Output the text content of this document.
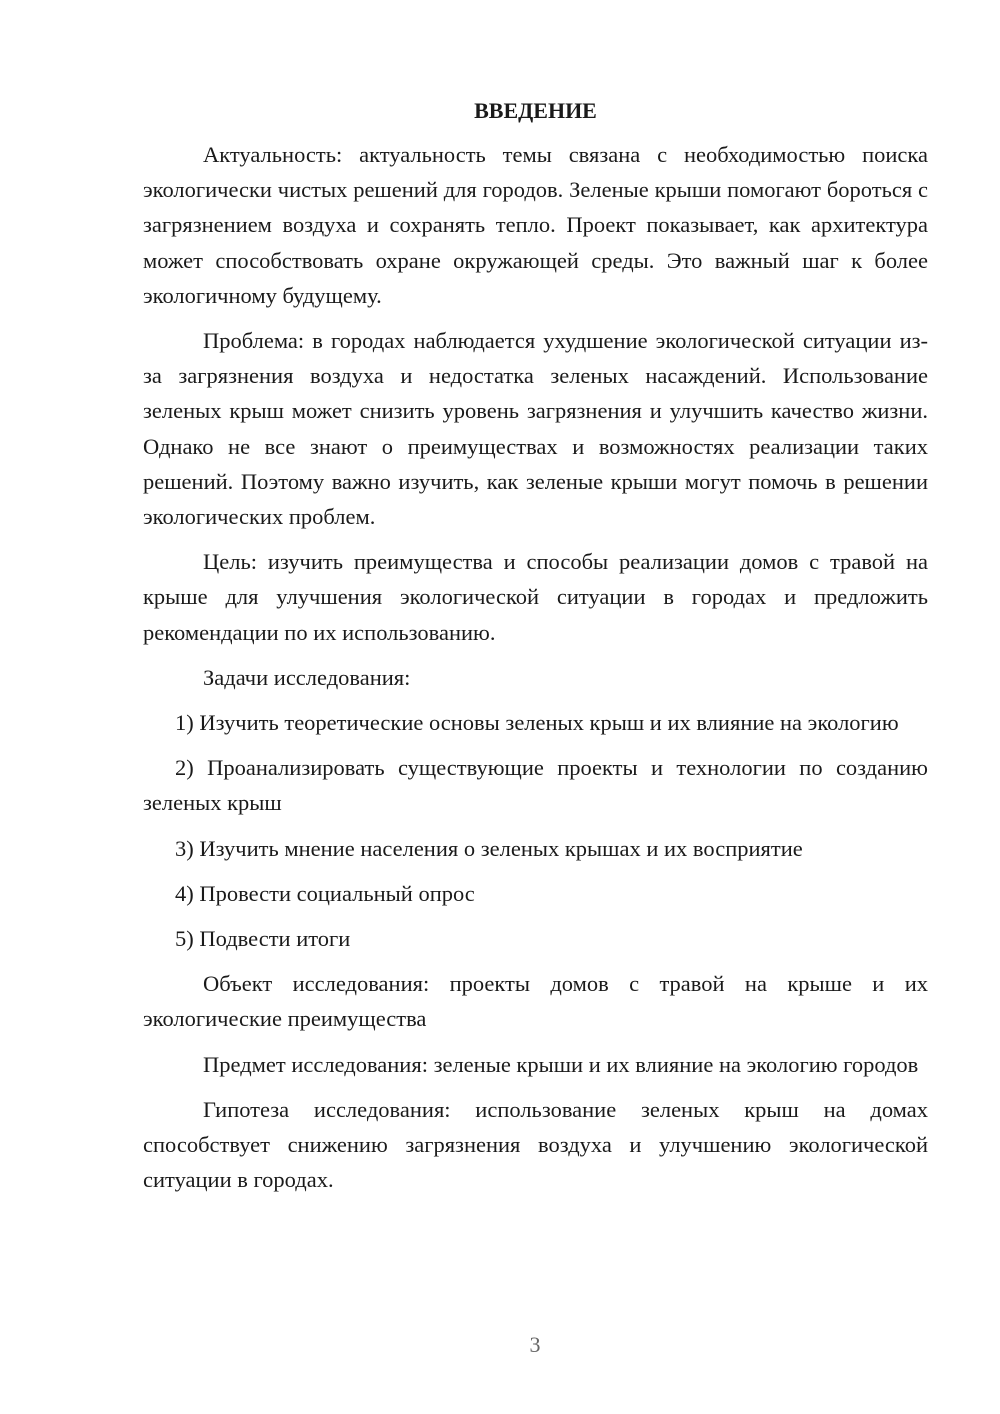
ВВЕДЕНИЕ

Актуальность: актуальность темы связана с необходимостью поиска экологически чистых решений для городов. Зеленые крыши помогают бороться с загрязнением воздуха и сохранять тепло. Проект показывает, как архитектура может способствовать охране окружающей среды. Это важный шаг к более экологичному будущему.

Проблема: в городах наблюдается ухудшение экологической ситуации из-за загрязнения воздуха и недостатка зеленых насаждений. Использование зеленых крыш может снизить уровень загрязнения и улучшить качество жизни. Однако не все знают о преимуществах и возможностях реализации таких решений. Поэтому важно изучить, как зеленые крыши могут помочь в решении экологических проблем.

Цель: изучить преимущества и способы реализации домов с травой на крыше для улучшения экологической ситуации в городах и предложить рекомендации по их использованию.

Задачи исследования:

1) Изучить теоретические основы зеленых крыш и их влияние на экологию

2) Проанализировать существующие проекты и технологии по созданию зеленых крыш

3) Изучить мнение населения о зеленых крышах и их восприятие

4) Провести социальный опрос

5) Подвести итоги

Объект исследования: проекты домов с травой на крыше и их экологические преимущества

Предмет исследования: зеленые крыши и их влияние на экологию городов

Гипотеза исследования: использование зеленых крыш на домах способствует снижению загрязнения воздуха и улучшению экологической ситуации в городах.

3
